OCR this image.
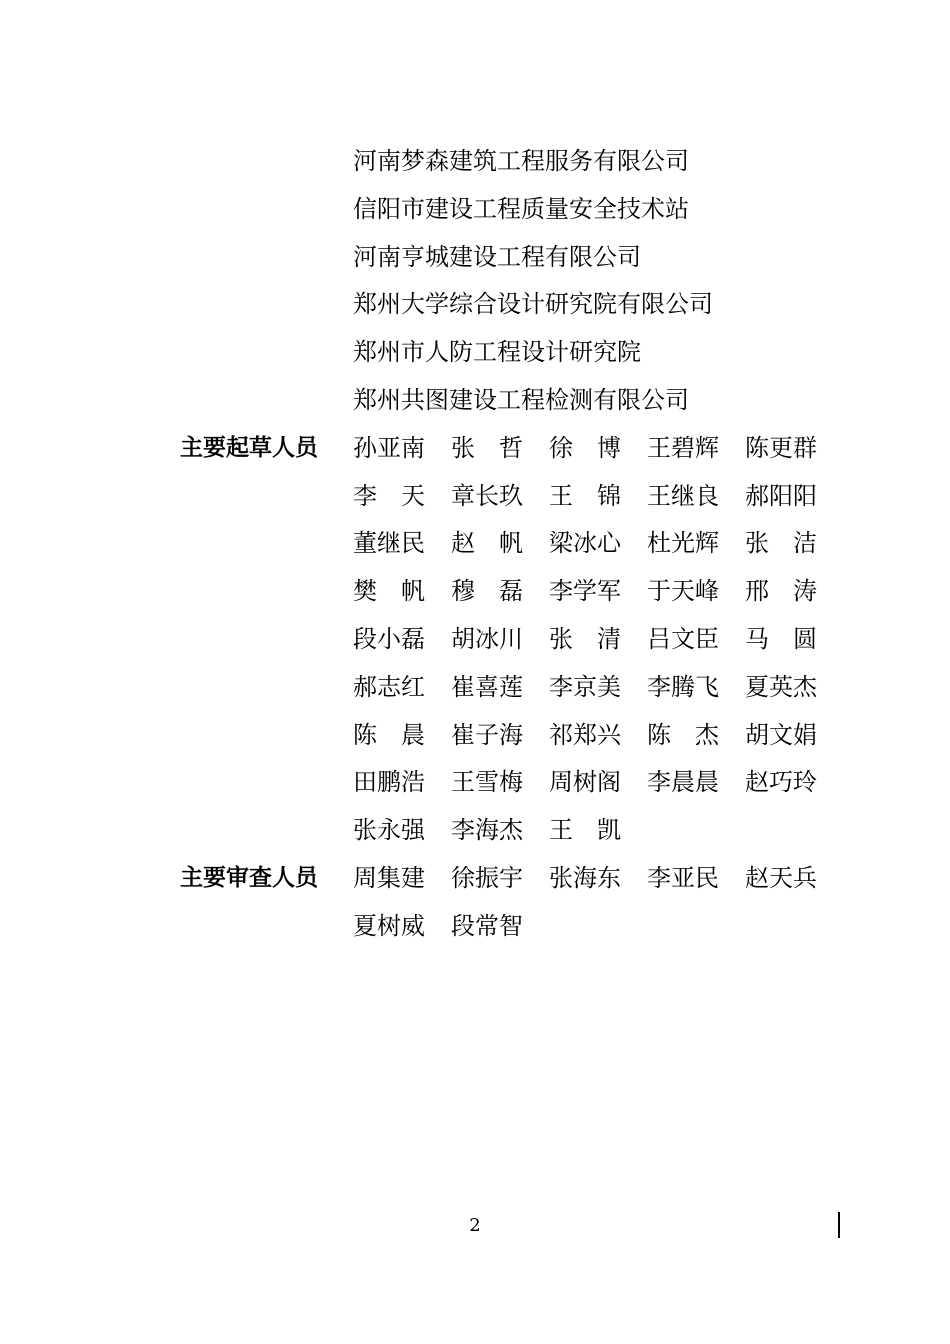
河南梦森建筑工程服务有限公司
信阳市建设工程质量安全技术站
河南亨城建设工程有限公司
郑州大学综合设计研究院有限公司
郑州市人防工程设计研究院
郑州共图建设工程检测有限公司
主要起草人员 孙亚南 张 哲 徐 博 王碧辉 陈更群
李 天 章长玖 王 锦 王继良 郝阳阳
董继民 赵 帆 梁冰心 杜光辉 张 洁
樊 帆 穆 磊 李学军 于天峰 邢 涛
段小磊 胡冰川 张 清 吕文臣 马 圆
郝志红 崔喜莲 李京美 李腾飞 夏英杰
陈 晨 崔子海 祁郑兴 陈 杰 胡文娟
田鹏浩 王雪梅 周树阁 李晨晨 赵巧玲
张永强 李海杰 王 凯
主要审查人员 周集建 徐振宇 张海东 李亚民 赵天兵
夏树威 段常智
2
